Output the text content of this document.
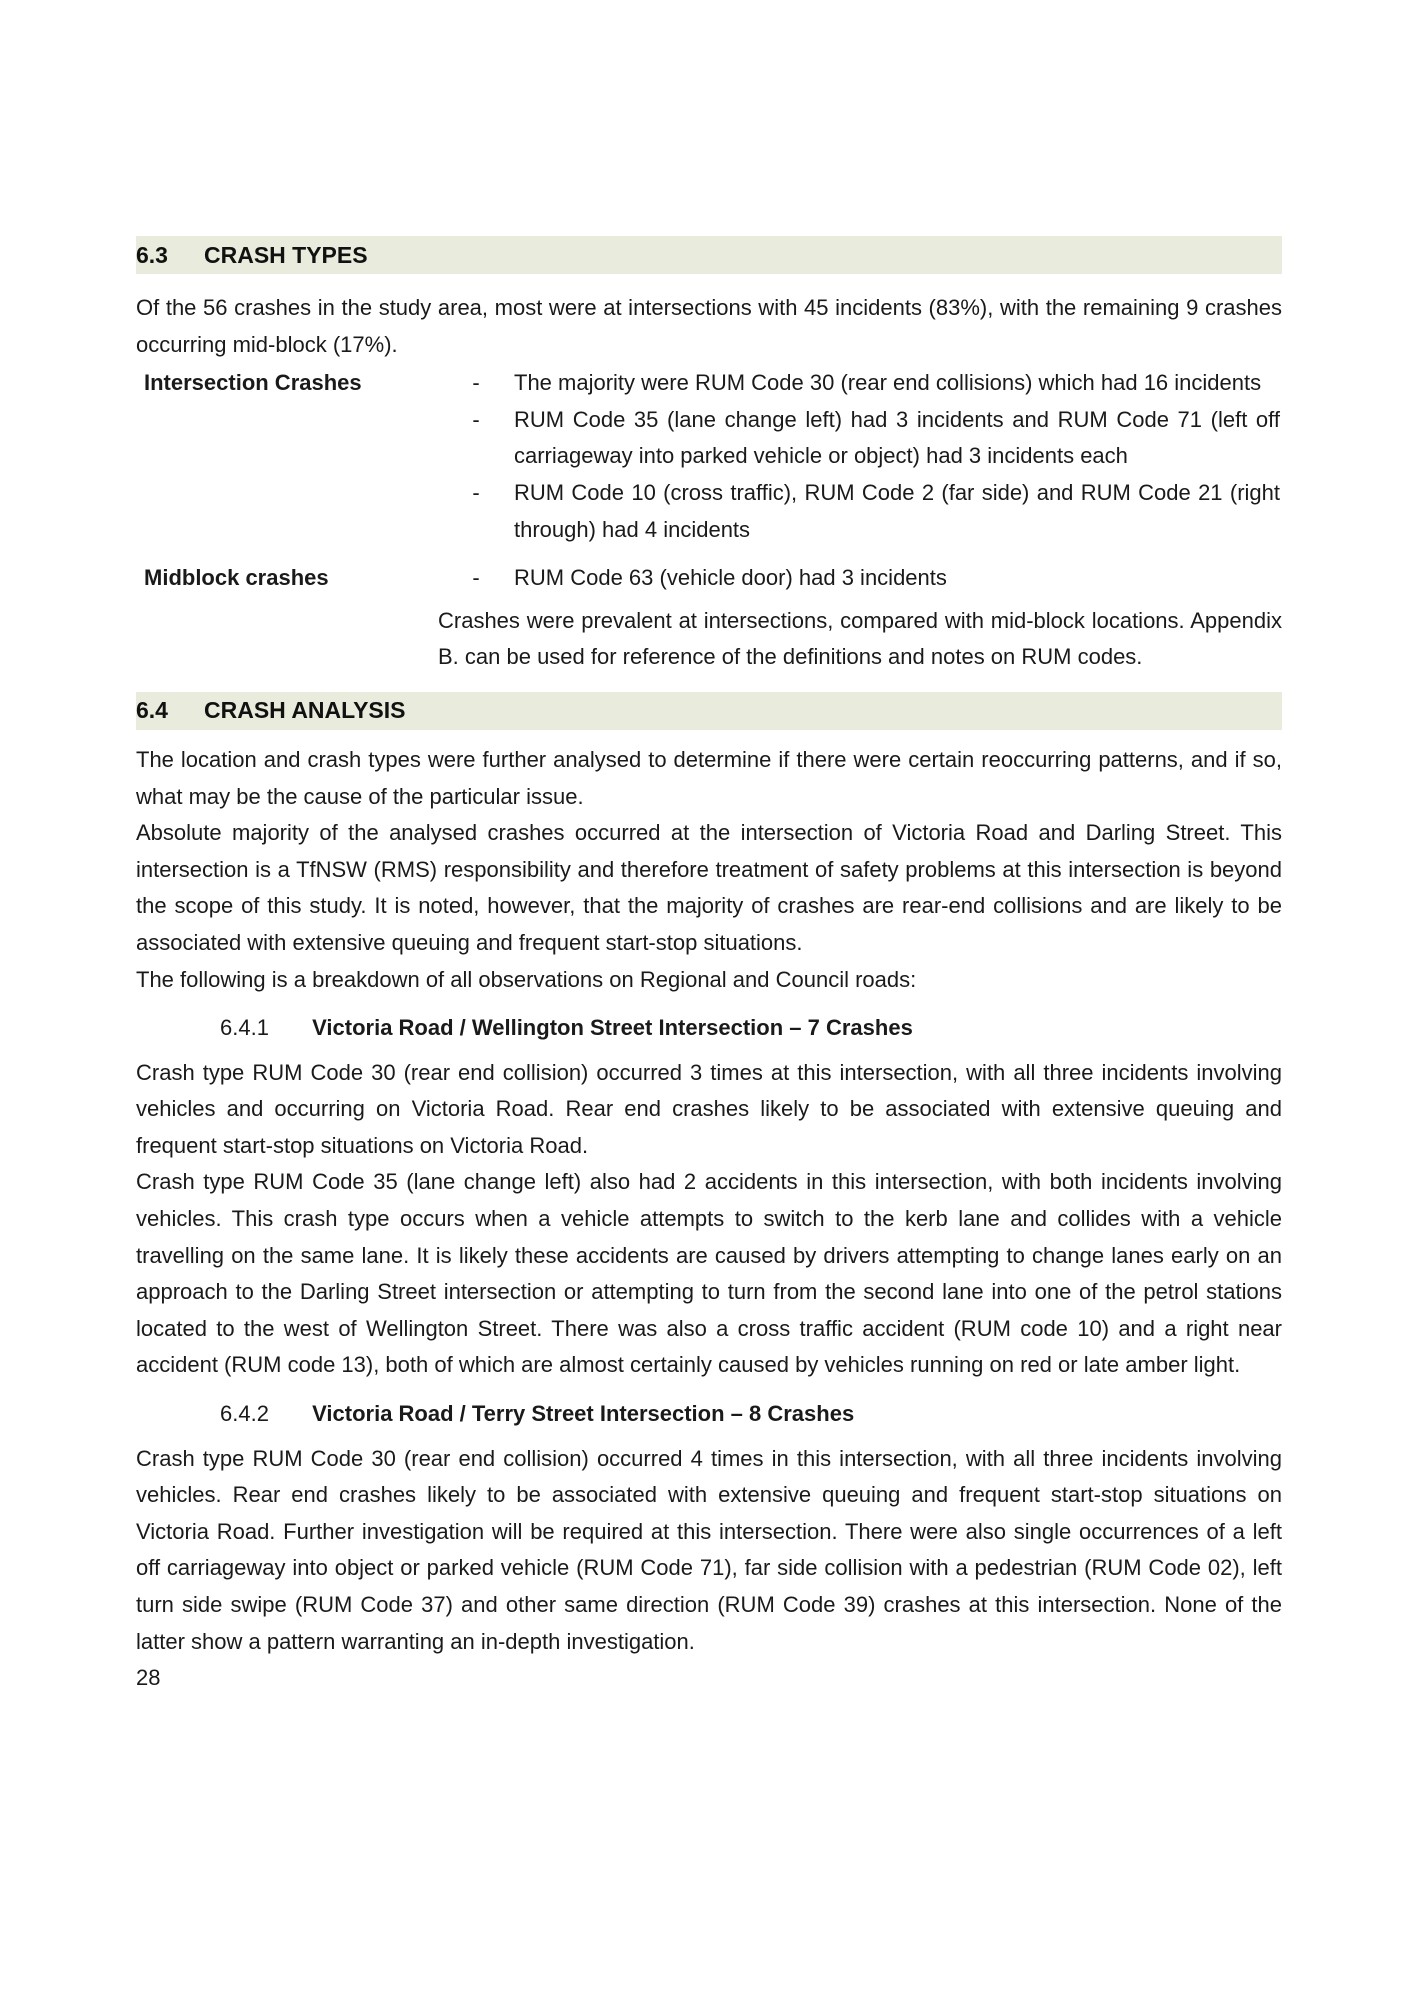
6.3	CRASH TYPES

Of the 56 crashes in the study area, most were at intersections with 45 incidents (83%), with the remaining 9 crashes occurring mid-block (17%).

Intersection Crashes	-	The majority were RUM Code 30 (rear end collisions) which had 16 incidents
-	RUM Code 35 (lane change left) had 3 incidents and RUM Code 71 (left off carriageway into parked vehicle or object) had 3 incidents each
-	RUM Code 10 (cross traffic), RUM Code 2 (far side) and RUM Code 21 (right through) had 4 incidents
Midblock crashes	-	RUM Code 63 (vehicle door) had 3 incidents

Crashes were prevalent at intersections, compared with mid-block locations. Appendix B. can be used for reference of the definitions and notes on RUM codes.

6.4	CRASH ANALYSIS

The location and crash types were further analysed to determine if there were certain reoccurring patterns, and if so, what may be the cause of the particular issue.

Absolute majority of the analysed crashes occurred at the intersection of Victoria Road and Darling Street. This intersection is a TfNSW (RMS) responsibility and therefore treatment of safety problems at this intersection is beyond the scope of this study. It is noted, however, that the majority of crashes are rear-end collisions and are likely to be associated with extensive queuing and frequent start-stop situations.

The following is a breakdown of all observations on Regional and Council roads:

6.4.1 Victoria Road / Wellington Street Intersection – 7 Crashes

Crash type RUM Code 30 (rear end collision) occurred 3 times at this intersection, with all three incidents involving vehicles and occurring on Victoria Road. Rear end crashes likely to be associated with extensive queuing and frequent start-stop situations on Victoria Road.

Crash type RUM Code 35 (lane change left) also had 2 accidents in this intersection, with both incidents involving vehicles. This crash type occurs when a vehicle attempts to switch to the kerb lane and collides with a vehicle travelling on the same lane. It is likely these accidents are caused by drivers attempting to change lanes early on an approach to the Darling Street intersection or attempting to turn from the second lane into one of the petrol stations located to the west of Wellington Street. There was also a cross traffic accident (RUM code 10) and a right near accident (RUM code 13), both of which are almost certainly caused by vehicles running on red or late amber light.

6.4.2 Victoria Road / Terry Street Intersection – 8 Crashes

Crash type RUM Code 30 (rear end collision) occurred 4 times in this intersection, with all three incidents involving vehicles. Rear end crashes likely to be associated with extensive queuing and frequent start-stop situations on Victoria Road. Further investigation will be required at this intersection. There were also single occurrences of a left off carriageway into object or parked vehicle (RUM Code 71), far side collision with a pedestrian (RUM Code 02), left turn side swipe (RUM Code 37) and other same direction (RUM Code 39) crashes at this intersection. None of the latter show a pattern warranting an in-depth investigation.

28
